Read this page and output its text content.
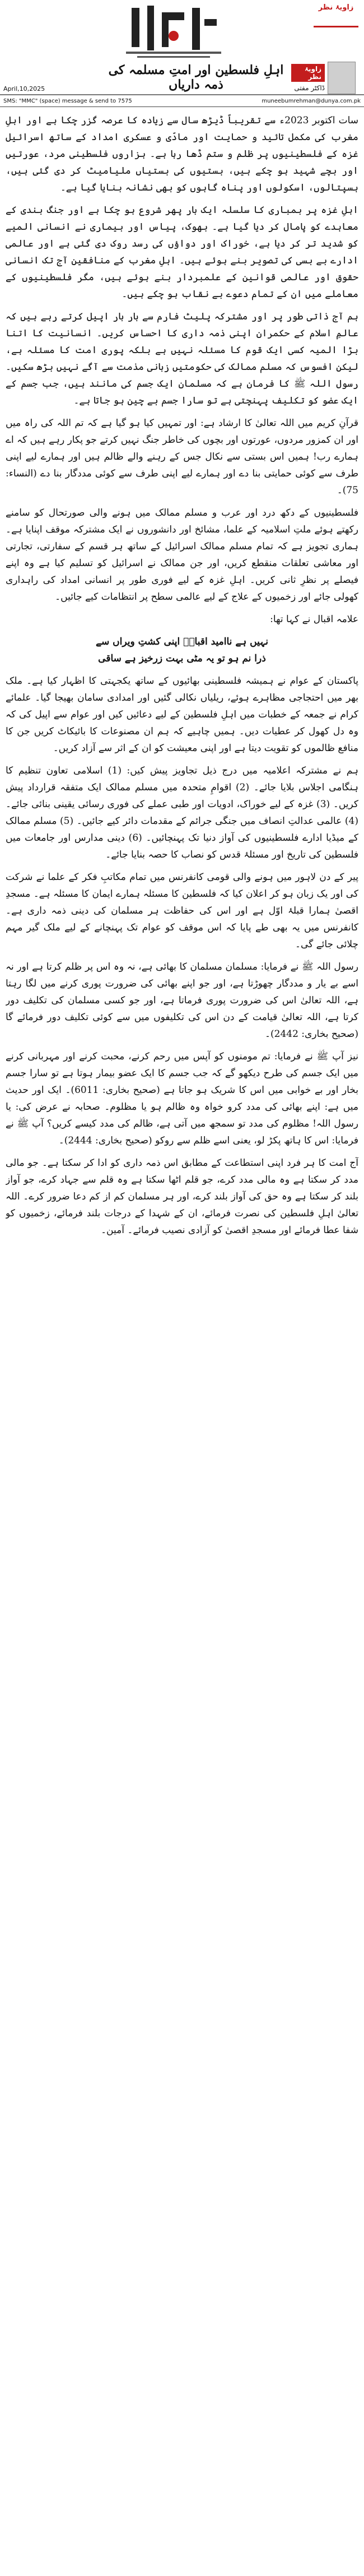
زاویۂ نظر
زاویۂ نظر
ڈاکٹر مفتی
اہلِ فلسطین اور امتِ مسلمہ کی ذمہ داریاں
April,10,2025
SMS: "MMC" (space) message & send to 7575	muneebumrehman@dunya.com.pk

سات اکتوبر 2023ء سے تقریباً ڈیڑھ سال سے زیادہ کا عرصہ گزر چکا ہے اور اہلِ مغرب کی مکمل تائید و حمایت اور مادّی و عسکری امداد کے ساتھ اسرائیل غزہ کے فلسطینیوں پر ظلم و ستم ڈھا رہا ہے۔ ہزاروں فلسطینی مرد، عورتیں اور بچے شہید ہو چکے ہیں، بستیوں کی بستیاں ملیامیٹ کر دی گئی ہیں، ہسپتالوں، اسکولوں اور پناہ گاہوں کو بھی نشانہ بنایا گیا ہے۔

اہلِ غزہ پر بمباری کا سلسلہ ایک بار پھر شروع ہو چکا ہے اور جنگ بندی کے معاہدے کو پامال کر دیا گیا ہے۔ بھوک، پیاس اور بیماری نے انسانی المیے کو شدید تر کر دیا ہے، خوراک اور دواؤں کی رسد روک دی گئی ہے اور عالمی ادارے بے بسی کی تصویر بنے ہوئے ہیں۔ اہلِ مغرب کے منافقین آج تک انسانی حقوق اور عالمی قوانین کے علمبردار بنے ہوئے ہیں، مگر فلسطینیوں کے معاملے میں ان کے تمام دعوے بے نقاب ہو چکے ہیں۔

ہم آج ذاتی طور پر اور مشترکہ پلیٹ فارم سے بار بار اپیل کرتے رہے ہیں کہ عالمِ اسلام کے حکمران اپنی ذمہ داری کا احساس کریں۔ انسانیت کا اتنا بڑا المیہ کسی ایک قوم کا مسئلہ نہیں ہے بلکہ پوری امت کا مسئلہ ہے، لیکن افسوس کہ مسلم ممالک کی حکومتیں زبانی مذمت سے آگے نہیں بڑھ سکیں۔ رسول اللہ ﷺ کا فرمان ہے کہ مسلمان ایک جسم کی مانند ہیں، جب جسم کے ایک عضو کو تکلیف پہنچتی ہے تو سارا جسم بے چین ہو جاتا ہے۔

قرآنِ کریم میں اللہ تعالیٰ کا ارشاد ہے: اور تمہیں کیا ہو گیا ہے کہ تم اللہ کی راہ میں اور ان کمزور مردوں، عورتوں اور بچوں کی خاطر جنگ نہیں کرتے جو پکار رہے ہیں کہ اے ہمارے رب! ہمیں اس بستی سے نکال جس کے رہنے والے ظالم ہیں اور ہمارے لیے اپنی طرف سے کوئی حمایتی بنا دے اور ہمارے لیے اپنی طرف سے کوئی مددگار بنا دے (النساء: 75)۔

فلسطینیوں کے دکھ درد اور عرب و مسلم ممالک میں ہونے والی صورتحال کو سامنے رکھتے ہوئے ملتِ اسلامیہ کے علما، مشائخ اور دانشوروں نے ایک مشترکہ موقف اپنایا ہے۔ ہماری تجویز ہے کہ تمام مسلم ممالک اسرائیل کے ساتھ ہر قسم کے سفارتی، تجارتی اور معاشی تعلقات منقطع کریں، اور جن ممالک نے اسرائیل کو تسلیم کیا ہے وہ اپنے فیصلے پر نظرِ ثانی کریں۔ اہلِ غزہ کے لیے فوری طور پر انسانی امداد کی راہداری کھولی جائے اور زخمیوں کے علاج کے لیے عالمی سطح پر انتظامات کیے جائیں۔

علامہ اقبال نے کہا تھا:

نہیں ہے ناامید اقبالؔ اپنی کشتِ ویراں سے
ذرا نم ہو تو یہ مٹی بہت زرخیز ہے ساقی

پاکستان کے عوام نے ہمیشہ فلسطینی بھائیوں کے ساتھ یکجہتی کا اظہار کیا ہے۔ ملک بھر میں احتجاجی مظاہرے ہوئے، ریلیاں نکالی گئیں اور امدادی سامان بھیجا گیا۔ علمائے کرام نے جمعہ کے خطبات میں اہلِ فلسطین کے لیے دعائیں کیں اور عوام سے اپیل کی کہ وہ دل کھول کر عطیات دیں۔ ہمیں چاہیے کہ ہم ان مصنوعات کا بائیکاٹ کریں جن کا منافع ظالموں کو تقویت دیتا ہے اور اپنی معیشت کو ان کے اثر سے آزاد کریں۔

ہم نے مشترکہ اعلامیہ میں درج ذیل تجاویز پیش کیں: (1) اسلامی تعاون تنظیم کا ہنگامی اجلاس بلایا جائے۔ (2) اقوامِ متحدہ میں مسلم ممالک ایک متفقہ قرارداد پیش کریں۔ (3) غزہ کے لیے خوراک، ادویات اور طبی عملے کی فوری رسائی یقینی بنائی جائے۔ (4) عالمی عدالتِ انصاف میں جنگی جرائم کے مقدمات دائر کیے جائیں۔ (5) مسلم ممالک کے میڈیا ادارے فلسطینیوں کی آواز دنیا تک پہنچائیں۔ (6) دینی مدارس اور جامعات میں فلسطین کی تاریخ اور مسئلۂ قدس کو نصاب کا حصہ بنایا جائے۔

پیر کے دن لاہور میں ہونے والی قومی کانفرنس میں تمام مکاتبِ فکر کے علما نے شرکت کی اور یک زبان ہو کر اعلان کیا کہ فلسطین کا مسئلہ ہمارے ایمان کا مسئلہ ہے۔ مسجدِ اقصیٰ ہمارا قبلۂ اوّل ہے اور اس کی حفاظت ہر مسلمان کی دینی ذمہ داری ہے۔ کانفرنس میں یہ بھی طے پایا کہ اس موقف کو عوام تک پہنچانے کے لیے ملک گیر مہم چلائی جائے گی۔

رسول اللہ ﷺ نے فرمایا: مسلمان مسلمان کا بھائی ہے، نہ وہ اس پر ظلم کرتا ہے اور نہ اسے بے یار و مددگار چھوڑتا ہے، اور جو اپنے بھائی کی ضرورت پوری کرنے میں لگا رہتا ہے، اللہ تعالیٰ اس کی ضرورت پوری فرماتا ہے، اور جو کسی مسلمان کی تکلیف دور کرتا ہے، اللہ تعالیٰ قیامت کے دن اس کی تکلیفوں میں سے کوئی تکلیف دور فرمائے گا (صحیح بخاری: 2442)۔

نیز آپ ﷺ نے فرمایا: تم مومنوں کو آپس میں رحم کرنے، محبت کرنے اور مہربانی کرنے میں ایک جسم کی طرح دیکھو گے کہ جب جسم کا ایک عضو بیمار ہوتا ہے تو سارا جسم بخار اور بے خوابی میں اس کا شریک ہو جاتا ہے (صحیح بخاری: 6011)۔ ایک اور حدیث میں ہے: اپنے بھائی کی مدد کرو خواہ وہ ظالم ہو یا مظلوم۔ صحابہ نے عرض کی: یا رسول اللہ! مظلوم کی مدد تو سمجھ میں آتی ہے، ظالم کی مدد کیسے کریں؟ آپ ﷺ نے فرمایا: اس کا ہاتھ پکڑ لو، یعنی اسے ظلم سے روکو (صحیح بخاری: 2444)۔

آج امت کا ہر فرد اپنی استطاعت کے مطابق اس ذمہ داری کو ادا کر سکتا ہے۔ جو مالی مدد کر سکتا ہے وہ مالی مدد کرے، جو قلم اٹھا سکتا ہے وہ قلم سے جہاد کرے، جو آواز بلند کر سکتا ہے وہ حق کی آواز بلند کرے، اور ہر مسلمان کم از کم دعا ضرور کرے۔ اللہ تعالیٰ اہلِ فلسطین کی نصرت فرمائے، ان کے شہدا کے درجات بلند فرمائے، زخمیوں کو شفا عطا فرمائے اور مسجدِ اقصیٰ کو آزادی نصیب فرمائے۔ آمین۔
